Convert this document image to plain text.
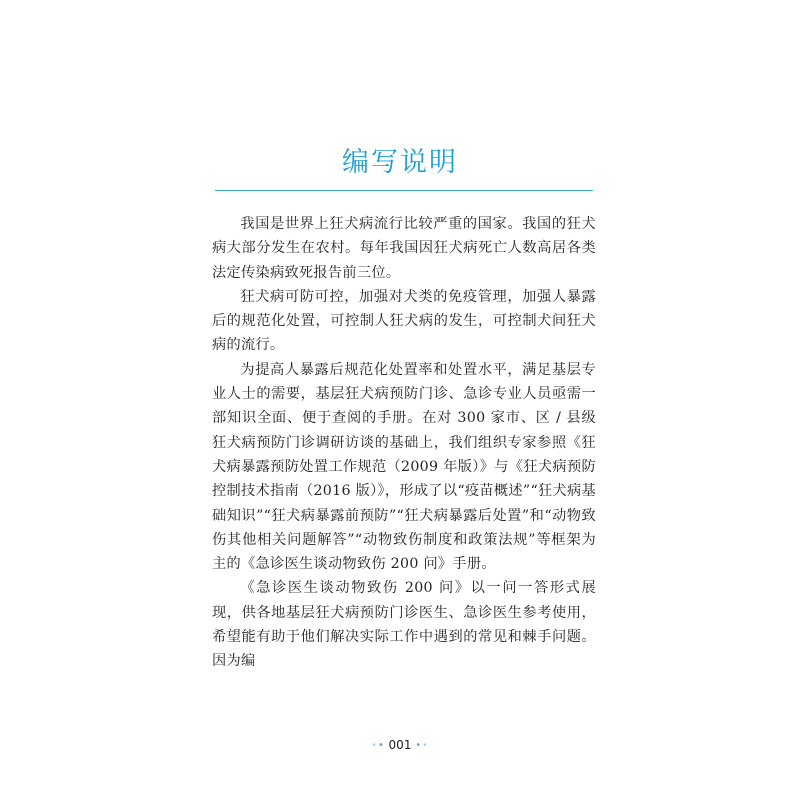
编写说明

我国是世界上狂犬病流行比较严重的国家。我国的狂犬病大部分发生在农村。每年我国因狂犬病死亡人数高居各类法定传染病致死报告前三位。

狂犬病可防可控，加强对犬类的免疫管理，加强人暴露后的规范化处置，可控制人狂犬病的发生，可控制犬间狂犬病的流行。

为提高人暴露后规范化处置率和处置水平，满足基层专业人士的需要，基层狂犬病预防门诊、急诊专业人员亟需一部知识全面、便于查阅的手册。在对 300 家市、区 / 县级狂犬病预防门诊调研访谈的基础上，我们组织专家参照《狂犬病暴露预防处置工作规范（2009 年版）》与《狂犬病预防控制技术指南（2016 版）》，形成了以“疫苗概述”“狂犬病基础知识”“狂犬病暴露前预防”“狂犬病暴露后处置”和“动物致伤其他相关问题解答”“动物致伤制度和政策法规”等框架为主的《急诊医生谈动物致伤 200 问》手册。

《急诊医生谈动物致伤 200 问》以一问一答形式展现，供各地基层狂犬病预防门诊医生、急诊医生参考使用，希望能有助于他们解决实际工作中遇到的常见和棘手问题。因为编

•• 001 ••
